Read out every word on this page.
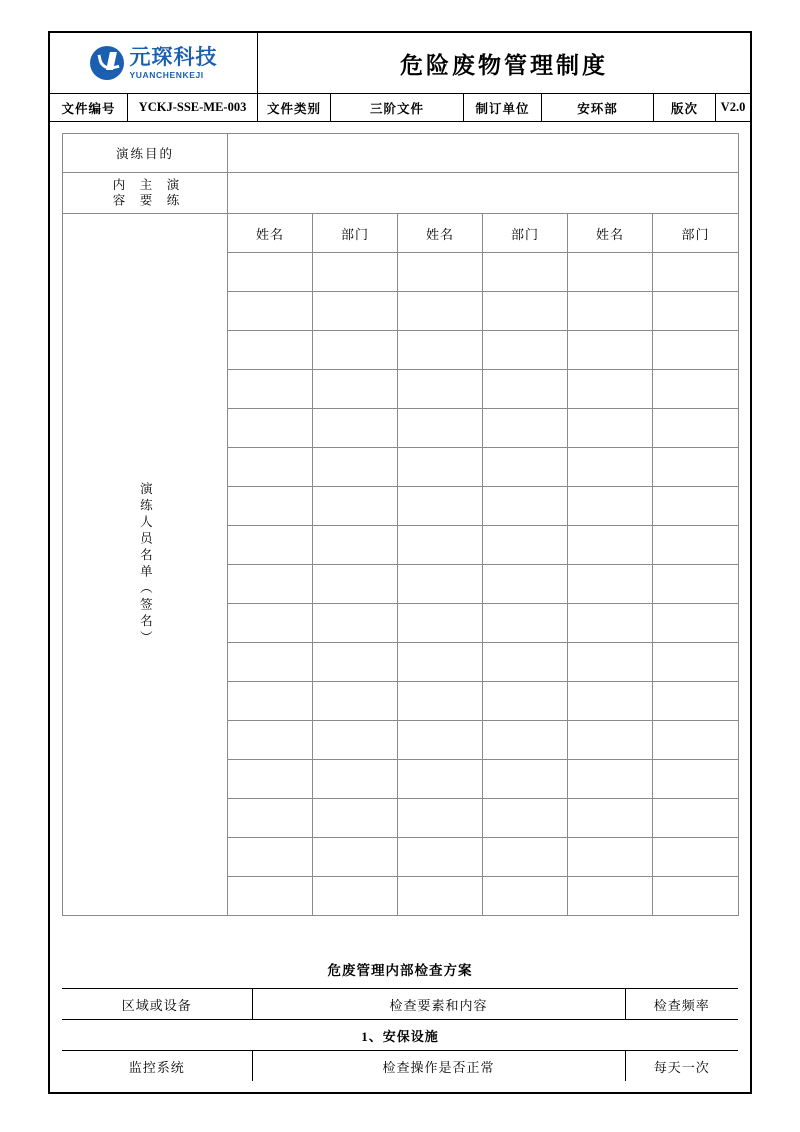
元琛科技
YUANCHENKEJI	危险废物管理制度
文件编号	YCKJ-SSE-ME-003	文件类别	三阶文件	制订单位	安环部	版次	V2.0
演练目的						

内容 主要 演练						

演练人员名单（签名）	姓名	部门	姓名	部门	姓名	部门

危废管理内部检查方案
区域或设备	检查要素和内容	检查频率
1、安保设施		
监控系统	检查操作是否正常	每天一次
